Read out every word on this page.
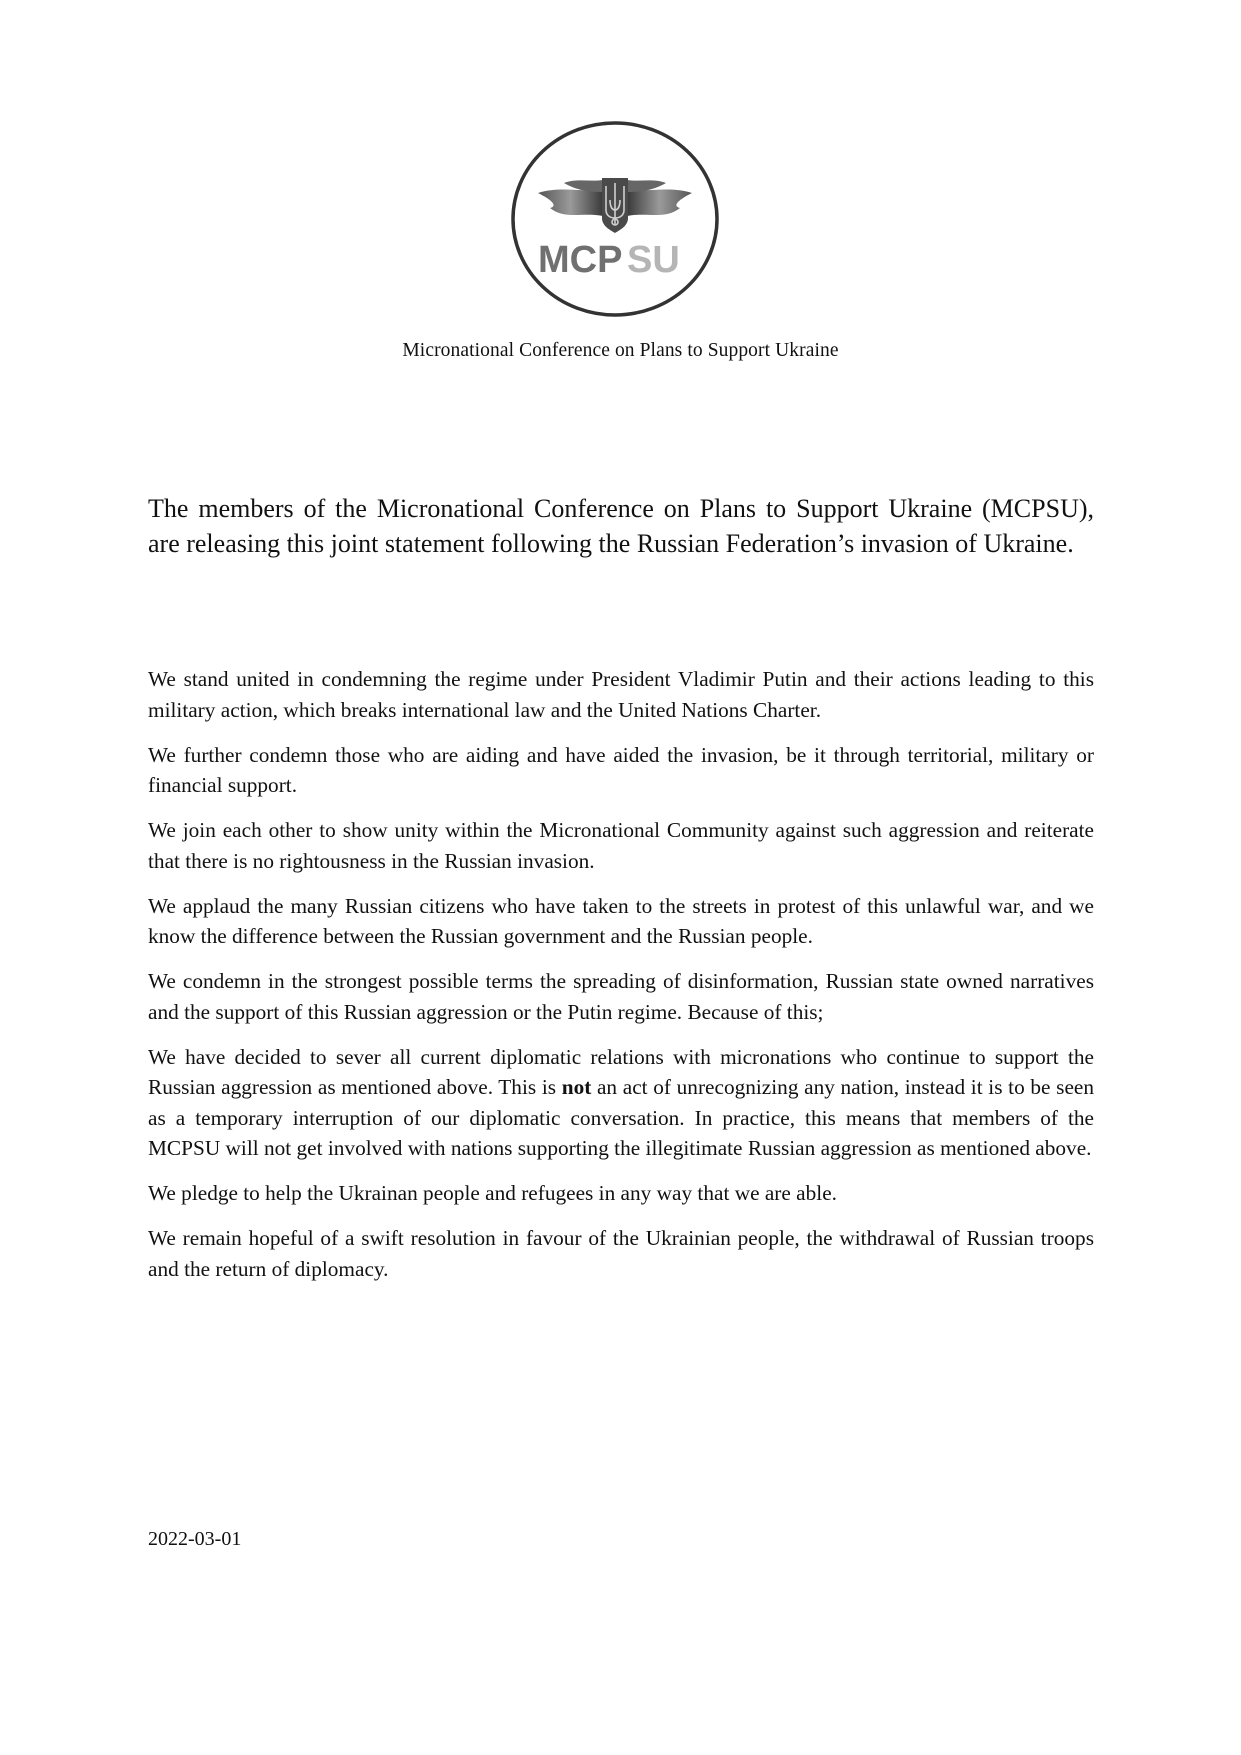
MCP SU
Micronational Conference on Plans to Support Ukraine

The members of the Micronational Conference on Plans to Support Ukraine (MCPSU), are releasing this joint statement following the Russian Federation’s invasion of Ukraine.

We stand united in condemning the regime under President Vladimir Putin and their actions leading to this military action, which breaks international law and the United Nations Charter.

We further condemn those who are aiding and have aided the invasion, be it through territorial, military or financial support.

We join each other to show unity within the Micronational Community against such aggression and reiterate that there is no rightousness in the Russian invasion.

We applaud the many Russian citizens who have taken to the streets in protest of this unlawful war, and we know the difference between the Russian government and the Russian people.

We condemn in the strongest possible terms the spreading of disinformation, Russian state owned narratives and the support of this Russian aggression or the Putin regime. Because of this;

We have decided to sever all current diplomatic relations with micronations who continue to support the Russian aggression as mentioned above. This is not an act of unrecognizing any nation, instead it is to be seen as a temporary interruption of our diplomatic conversation. In practice, this means that members of the MCPSU will not get involved with nations supporting the illegitimate Russian aggression as mentioned above.

We pledge to help the Ukrainan people and refugees in any way that we are able.

We remain hopeful of a swift resolution in favour of the Ukrainian people, the withdrawal of Russian troops and the return of diplomacy.

2022-03-01
